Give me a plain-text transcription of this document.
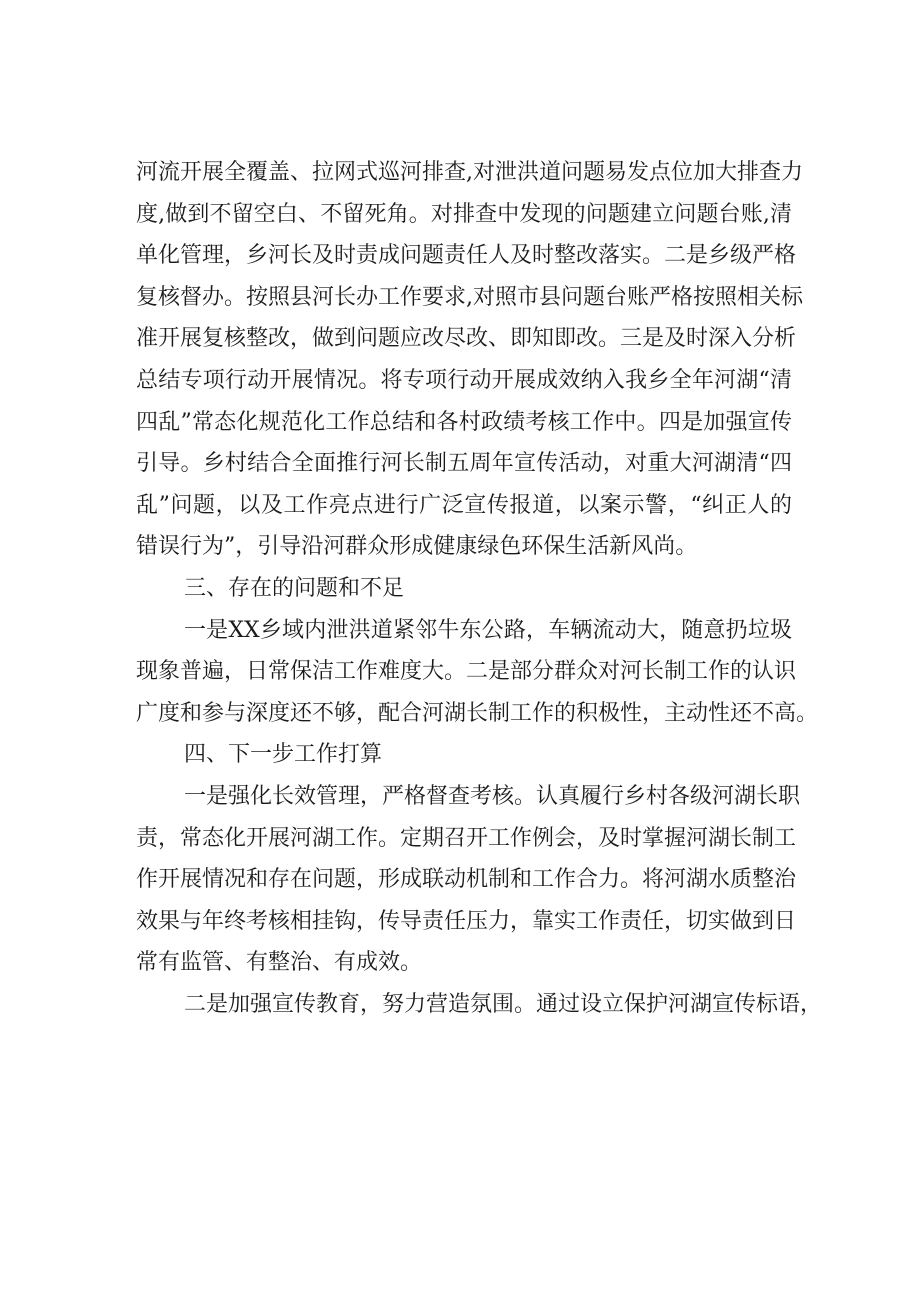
河流开展全覆盖、拉网式巡河排查,对泄洪道问题易发点位加大排查力
度,做到不留空白、不留死角。对排查中发现的问题建立问题台账,清
单化管理，乡河长及时责成问题责任人及时整改落实。二是乡级严格
复核督办。按照县河长办工作要求,对照市县问题台账严格按照相关标
准开展复核整改，做到问题应改尽改、即知即改。三是及时深入分析
总结专项行动开展情况。将专项行动开展成效纳入我乡全年河湖“清
四乱”常态化规范化工作总结和各村政绩考核工作中。四是加强宣传
引导。乡村结合全面推行河长制五周年宣传活动，对重大河湖清“四
乱”问题，以及工作亮点进行广泛宣传报道，以案示警，“纠正人的
错误行为”，引导沿河群众形成健康绿色环保生活新风尚。
三、存在的问题和不足
一是XX乡域内泄洪道紧邻牛东公路，车辆流动大，随意扔垃圾
现象普遍，日常保洁工作难度大。二是部分群众对河长制工作的认识
广度和参与深度还不够，配合河湖长制工作的积极性，主动性还不高。
四、下一步工作打算
一是强化长效管理，严格督查考核。认真履行乡村各级河湖长职
责，常态化开展河湖工作。定期召开工作例会，及时掌握河湖长制工
作开展情况和存在问题，形成联动机制和工作合力。将河湖水质整治
效果与年终考核相挂钩，传导责任压力，靠实工作责任，切实做到日
常有监管、有整治、有成效。
二是加强宣传教育，努力营造氛围。通过设立保护河湖宣传标语，
